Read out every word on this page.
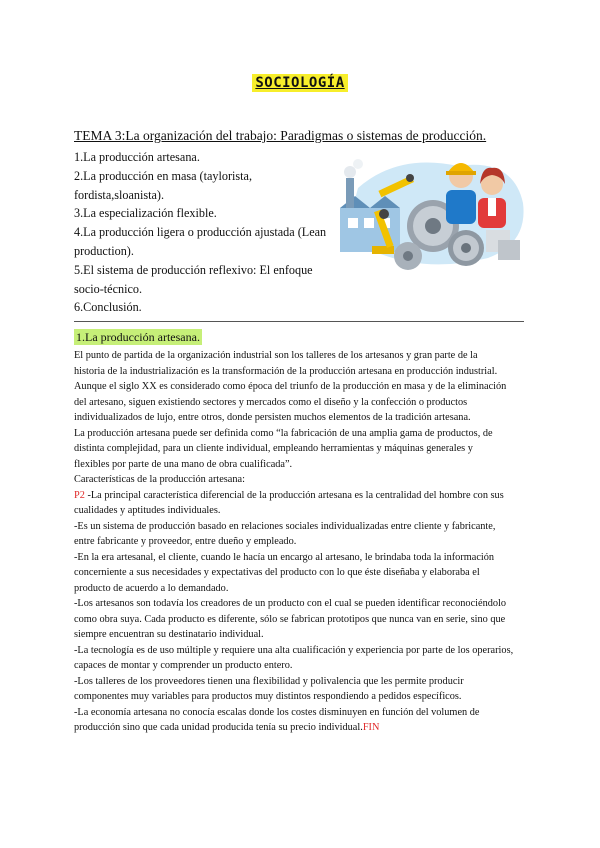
SOCIOLOGÍA
TEMA 3:La organización del trabajo: Paradigmas o sistemas de producción.
1.La producción artesana.
2.La producción en masa (taylorista,
fordista,sloanista).
3.La especialización flexible.
4.La producción ligera o producción ajustada (Lean
production).
5.El sistema de producción reflexivo: El enfoque
socio-técnico.
6.Conclusión.
1.La producción artesana.

El punto de partida de la organización industrial son los talleres de los artesanos y gran parte de la

historia de la industrialización es la transformación de la producción artesana en producción industrial.

Aunque el siglo XX es considerado como época del triunfo de la producción en masa y de la eliminación

del artesano, siguen existiendo sectores y mercados como el diseño y la confección o productos

individualizados de lujo, entre otros, donde persisten muchos elementos de la tradición artesana.

La producción artesana puede ser definida como “la fabricación de una amplia gama de productos, de

distinta complejidad, para un cliente individual, empleando herramientas y máquinas generales y

flexibles por parte de una mano de obra cualificada”.

Características de la producción artesana:

P2 -La principal característica diferencial de la producción artesana es la centralidad del hombre con sus

cualidades y aptitudes individuales.

-Es un sistema de producción basado en relaciones sociales individualizadas entre cliente y fabricante,

entre fabricante y proveedor, entre dueño y empleado.

-En la era artesanal, el cliente, cuando le hacía un encargo al artesano, le brindaba toda la información

concerniente a sus necesidades y expectativas del producto con lo que éste diseñaba y elaboraba el

producto de acuerdo a lo demandado.

-Los artesanos son todavía los creadores de un producto con el cual se pueden identificar reconociéndolo

como obra suya. Cada producto es diferente, sólo se fabrican prototipos que nunca van en serie, sino que

siempre encuentran su destinatario individual.

-La tecnología es de uso múltiple y requiere una alta cualificación y experiencia por parte de los operarios,

capaces de montar y comprender un producto entero.

-Los talleres de los proveedores tienen una flexibilidad y polivalencia que les permite producir

componentes muy variables para productos muy distintos respondiendo a pedidos específicos.

-La economía artesana no conocía escalas donde los costes disminuyen en función del volumen de

producción sino que cada unidad producida tenía su precio individual.FIN
